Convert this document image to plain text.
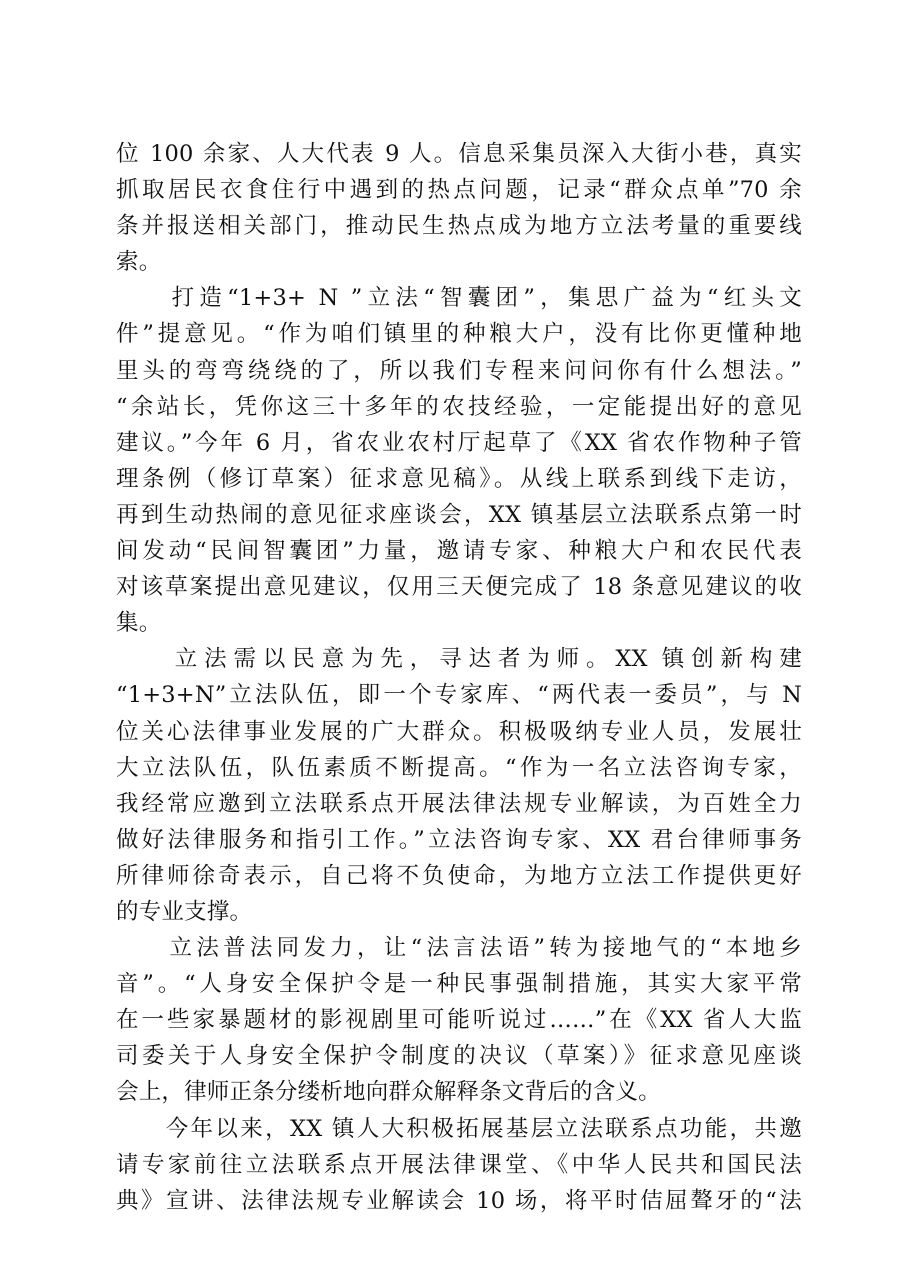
位 100 余家、人大代表 9 人。信息采集员深入大街小巷，真实
抓取居民衣食住行中遇到的热点问题，记录“群众点单”70 余
条并报送相关部门，推动民生热点成为地方立法考量的重要线
索。
　　打造“1+3+ N ”立法“智囊团”，集思广益为“红头文
件”提意见。“作为咱们镇里的种粮大户，没有比你更懂种地
里头的弯弯绕绕的了，所以我们专程来问问你有什么想法。”
“余站长，凭你这三十多年的农技经验，一定能提出好的意见
建议。”今年 6 月，省农业农村厅起草了《XX 省农作物种子管
理条例（修订草案）征求意见稿》。从线上联系到线下走访，
再到生动热闹的意见征求座谈会，XX 镇基层立法联系点第一时
间发动“民间智囊团”力量，邀请专家、种粮大户和农民代表
对该草案提出意见建议，仅用三天便完成了 18 条意见建议的收
集。
　　立法需以民意为先，寻达者为师。XX 镇创新构建
“1+3+N”立法队伍，即一个专家库、“两代表一委员”，与 N
位关心法律事业发展的广大群众。积极吸纳专业人员，发展壮
大立法队伍，队伍素质不断提高。“作为一名立法咨询专家，
我经常应邀到立法联系点开展法律法规专业解读，为百姓全力
做好法律服务和指引工作。”立法咨询专家、XX 君台律师事务
所律师徐奇表示，自己将不负使命，为地方立法工作提供更好
的专业支撑。
　　立法普法同发力，让“法言法语”转为接地气的“本地乡
音”。“人身安全保护令是一种民事强制措施，其实大家平常
在一些家暴题材的影视剧里可能听说过……”在《XX 省人大监
司委关于人身安全保护令制度的决议（草案）》征求意见座谈
会上，律师正条分缕析地向群众解释条文背后的含义。
　　今年以来，XX 镇人大积极拓展基层立法联系点功能，共邀
请专家前往立法联系点开展法律课堂、《中华人民共和国民法
典》宣讲、法律法规专业解读会 10 场，将平时佶屈聱牙的“法
